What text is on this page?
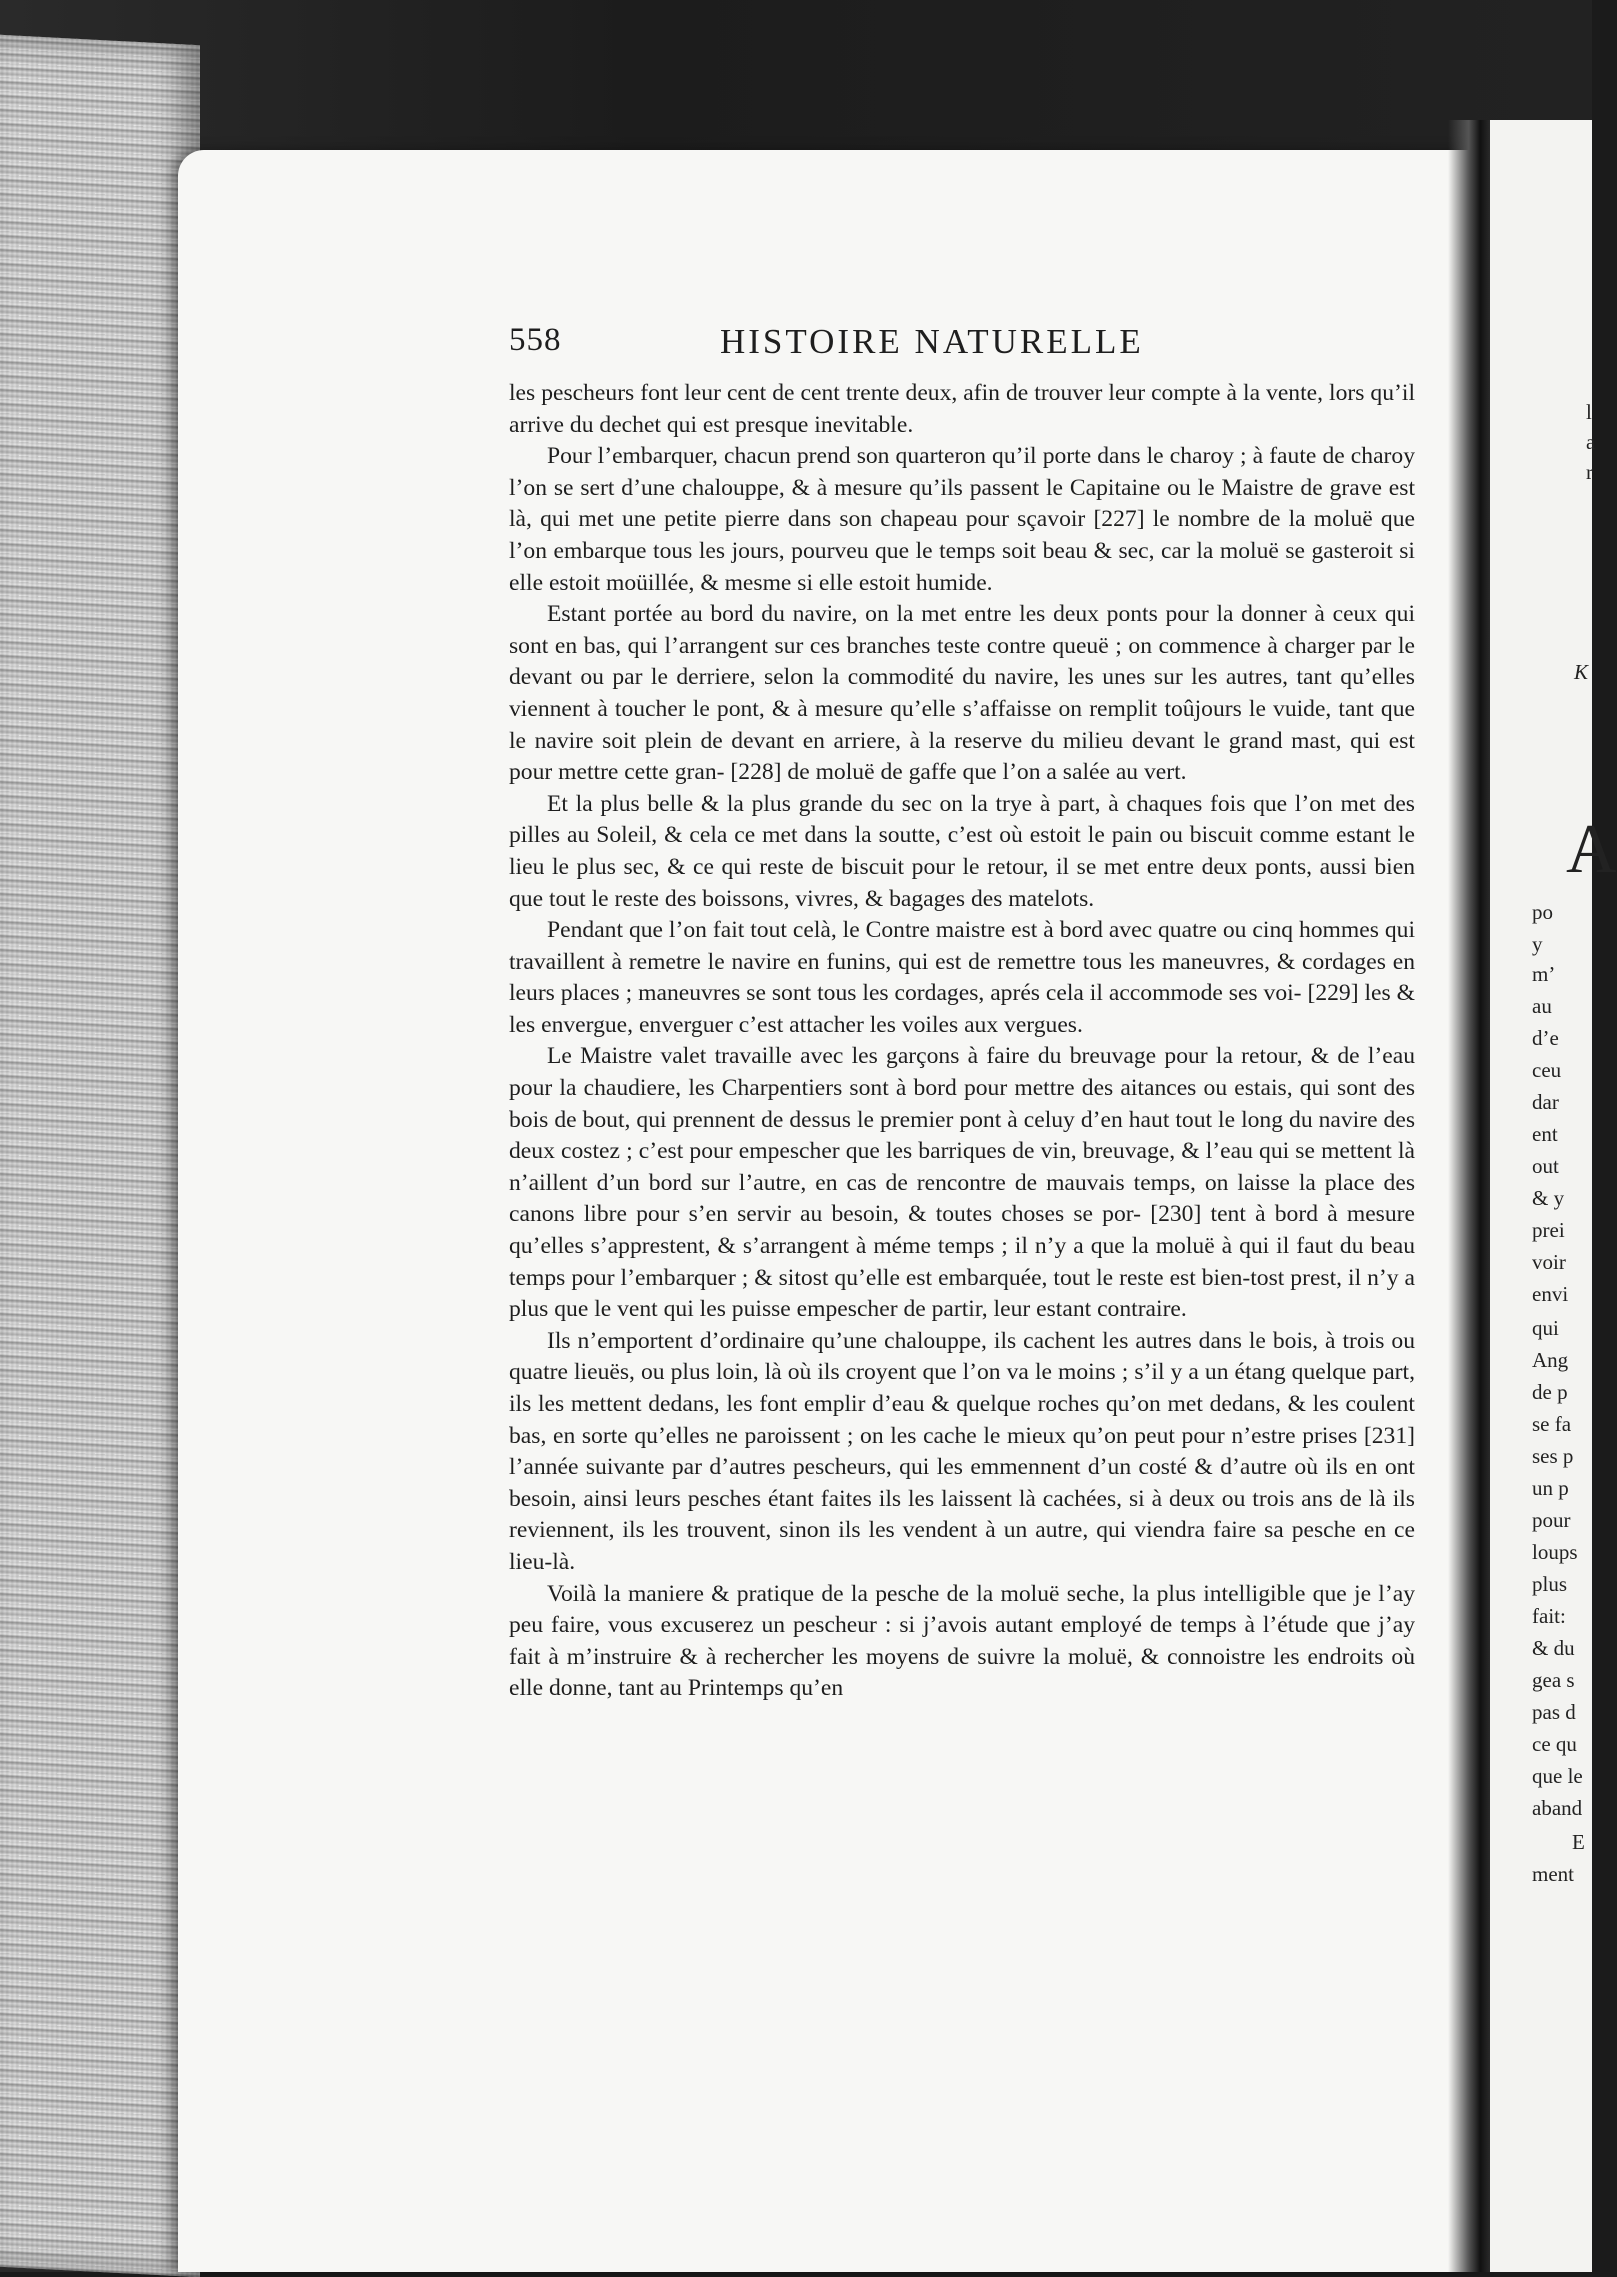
l
a
r
K
po
y
m’
au
d’e
ceu
dar
ent
out
& y
prei
voir
envi
qui
Ang
de p
se fa
ses p
un p
pour
loups
plus
fait:
& du
gea s
pas d
ce qu
que le
aband
E
ment
A
558	HISTOIRE NATURELLE

les pescheurs font leur cent de cent trente deux, afin de trouver leur compte à la vente, lors qu’il arrive du dechet qui est presque inevitable.

Pour l’embarquer, chacun prend son quarteron qu’il porte dans le charoy ; à faute de charoy l’on se sert d’une chalouppe, & à mesure qu’ils passent le Capitaine ou le Maistre de grave est là, qui met une petite pierre dans son chapeau pour sçavoir [227] le nombre de la moluë que l’on embarque tous les jours, pourveu que le temps soit beau & sec, car la moluë se gasteroit si elle estoit moüillée, & mesme si elle estoit humide.

Estant portée au bord du navire, on la met entre les deux ponts pour la donner à ceux qui sont en bas, qui l’arrangent sur ces branches teste contre queuë ; on commence à charger par le devant ou par le derriere, selon la commodité du navire, les unes sur les autres, tant qu’elles viennent à toucher le pont, & à mesure qu’elle s’affaisse on remplit toûjours le vuide, tant que le navire soit plein de devant en arriere, à la reserve du milieu devant le grand mast, qui est pour mettre cette gran- [228] de moluë de gaffe que l’on a salée au vert.

Et la plus belle & la plus grande du sec on la trye à part, à chaques fois que l’on met des pilles au Soleil, & cela ce met dans la soutte, c’est où estoit le pain ou biscuit comme estant le lieu le plus sec, & ce qui reste de biscuit pour le retour, il se met entre deux ponts, aussi bien que tout le reste des boissons, vivres, & bagages des matelots.

Pendant que l’on fait tout celà, le Contre maistre est à bord avec quatre ou cinq hommes qui travaillent à remetre le navire en funins, qui est de remettre tous les maneuvres, & cordages en leurs places ; maneuvres se sont tous les cordages, aprés cela il accommode ses voi- [229] les & les envergue, enverguer c’est attacher les voiles aux vergues.

Le Maistre valet travaille avec les garçons à faire du breuvage pour la retour, & de l’eau pour la chaudiere, les Charpentiers sont à bord pour mettre des aitances ou estais, qui sont des bois de bout, qui prennent de dessus le premier pont à celuy d’en haut tout le long du navire des deux costez ; c’est pour empescher que les barriques de vin, breuvage, & l’eau qui se mettent là n’aillent d’un bord sur l’autre, en cas de rencontre de mauvais temps, on laisse la place des canons libre pour s’en servir au besoin, & toutes choses se por- [230] tent à bord à mesure qu’elles s’apprestent, & s’arrangent à méme temps ; il n’y a que la moluë à qui il faut du beau temps pour l’embarquer ; & sitost qu’elle est embarquée, tout le reste est bien-tost prest, il n’y a plus que le vent qui les puisse empescher de partir, leur estant contraire.

Ils n’emportent d’ordinaire qu’une chalouppe, ils cachent les autres dans le bois, à trois ou quatre lieuës, ou plus loin, là où ils croyent que l’on va le moins ; s’il y a un étang quelque part, ils les mettent dedans, les font emplir d’eau & quelque roches qu’on met dedans, & les coulent bas, en sorte qu’elles ne paroissent ; on les cache le mieux qu’on peut pour n’estre prises [231] l’année suivante par d’autres pescheurs, qui les emmennent d’un costé & d’autre où ils en ont besoin, ainsi leurs pesches étant faites ils les laissent là cachées, si à deux ou trois ans de là ils reviennent, ils les trouvent, sinon ils les vendent à un autre, qui viendra faire sa pesche en ce lieu-là.

Voilà la maniere & pratique de la pesche de la moluë seche, la plus intelligible que je l’ay peu faire, vous excuserez un pescheur : si j’avois autant employé de temps à l’étude que j’ay fait à m’instruire & à rechercher les moyens de suivre la moluë, & connoistre les endroits où elle donne, tant au Printemps qu’en
